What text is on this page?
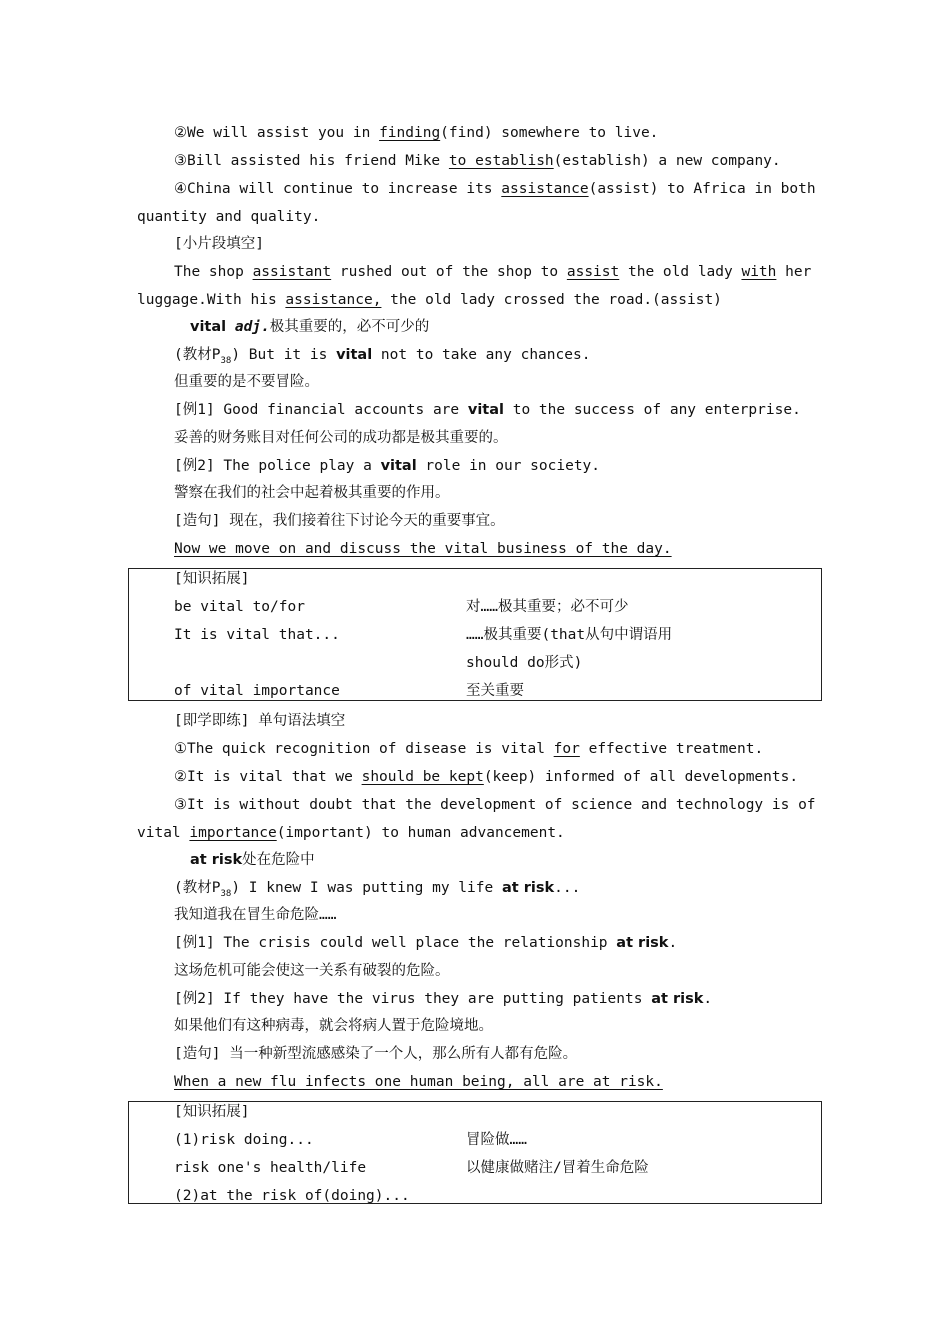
②We will assist you in finding(find) somewhere to live.
③Bill assisted his friend Mike to establish(establish) a new company.
④China will continue to increase its assistance(assist) to Africa in both
quantity and quality.
[小片段填空]
The shop assistant rushed out of the shop to assist the old lady with her
luggage.With his assistance, the old lady crossed the road.(assist)
vital adj.极其重要的，必不可少的
(教材$P_{38}$) But it is vital not to take any chances.
但重要的是不要冒险。
[例1] Good financial accounts are vital to the success of any enterprise.
妥善的财务账目对任何公司的成功都是极其重要的。
[例2] The police play a vital role in our society.
警察在我们的社会中起着极其重要的作用。
[造句] 现在，我们接着往下讨论今天的重要事宜。
Now we move on and discuss the vital business of the day.
[知识拓展]
be vital to/for	对……极其重要；必不可少
It is vital that...	……极其重要(that从句中谓语用
should do形式)
of vital importance	至关重要
[即学即练] 单句语法填空
①The quick recognition of disease is vital for effective treatment.
②It is vital that we should be kept(keep) informed of all developments.
③It is without doubt that the development of science and technology is of
vital importance(important) to human advancement.
at risk处在危险中
(教材$P_{38}$) I knew I was putting my life at risk...
我知道我在冒生命危险……
[例1] The crisis could well place the relationship at risk.
这场危机可能会使这一关系有破裂的危险。
[例2] If they have the virus they are putting patients at risk.
如果他们有这种病毒，就会将病人置于危险境地。
[造句] 当一种新型流感感染了一个人，那么所有人都有危险。
When a new flu infects one human being, all are at risk.
[知识拓展]
(1)risk doing...	冒险做……
risk one's health/life	以健康做赌注/冒着生命危险
(2)at the risk of(doing)...
